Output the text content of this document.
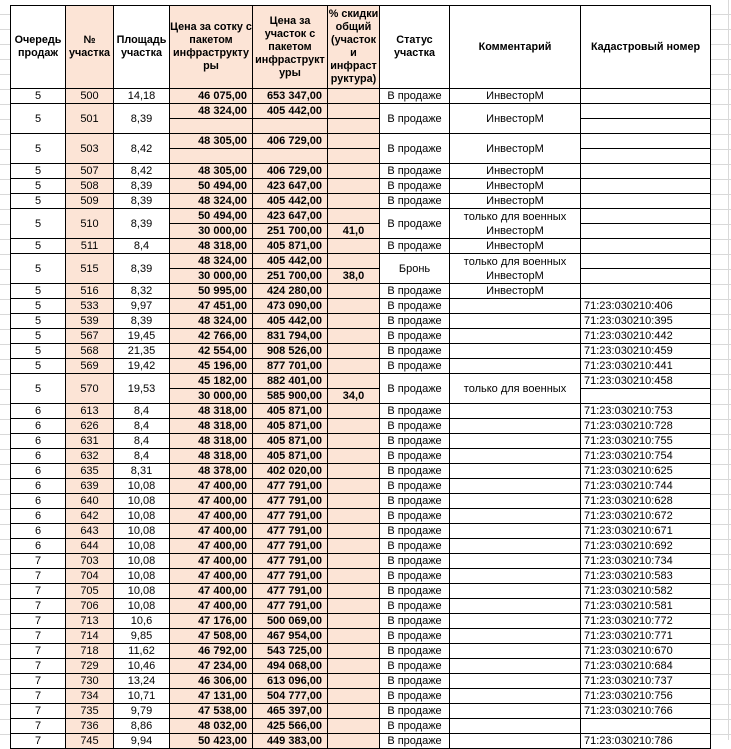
Очередь продаж	№ участка	Площадь участка	Цена за сотку с пакетом инфраструктуры	Цена за участок с пакетом инфраструктуры	% скидки общий (участок и инфраструктура)	Статус участка	Комментарий	Кадастровый номер
5	500	14,18	46 075,00	653 347,00		В продаже	ИнвесторМ	

5	501	8,39	48 324,00	405 442,00		В продаже	ИнвесторМ	

5	503	8,42	48 305,00	406 729,00		В продаже	ИнвесторМ	

5	507	8,42	48 305,00	406 729,00		В продаже	ИнвесторМ	

5	508	8,39	50 494,00	423 647,00		В продаже	ИнвесторМ	

5	509	8,39	48 324,00	405 442,00		В продаже	ИнвесторМ	

5	510	8,39	50 494,00	423 647,00		В продаже	только для военных
ИнвесторМ	

			30 000,00	251 700,00	41,0			
5	511	8,4	48 318,00	405 871,00		В продаже	ИнвесторМ	

5	515	8,39	48 324,00	405 442,00		Бронь	только для военных
ИнвесторМ	

			30 000,00	251 700,00	38,0			
5	516	8,32	50 995,00	424 280,00		В продаже	ИнвесторМ	

5	533	9,97	47 451,00	473 090,00		В продаже		71:23:030210:406
5	539	8,39	48 324,00	405 442,00		В продаже		71:23:030210:395
5	567	19,45	42 766,00	831 794,00		В продаже		71:23:030210:442
5	568	21,35	42 554,00	908 526,00		В продаже		71:23:030210:459
5	569	19,42	45 196,00	877 701,00		В продаже		71:23:030210:441
5	570	19,53	45 182,00	882 401,00		В продаже	только для военных	71:23:030210:458
			30 000,00	585 900,00	34,0			
6	613	8,4	48 318,00	405 871,00		В продаже		71:23:030210:753
6	626	8,4	48 318,00	405 871,00		В продаже		71:23:030210:728
6	631	8,4	48 318,00	405 871,00		В продаже		71:23:030210:755
6	632	8,4	48 318,00	405 871,00		В продаже		71:23:030210:754
6	635	8,31	48 378,00	402 020,00		В продаже		71:23:030210:625
6	639	10,08	47 400,00	477 791,00		В продаже		71:23:030210:744
6	640	10,08	47 400,00	477 791,00		В продаже		71:23:030210:628
6	642	10,08	47 400,00	477 791,00		В продаже		71:23:030210:672
6	643	10,08	47 400,00	477 791,00		В продаже		71:23:030210:671
6	644	10,08	47 400,00	477 791,00		В продаже		71:23:030210:692
7	703	10,08	47 400,00	477 791,00		В продаже		71:23:030210:734
7	704	10,08	47 400,00	477 791,00		В продаже		71:23:030210:583
7	705	10,08	47 400,00	477 791,00		В продаже		71:23:030210:582
7	706	10,08	47 400,00	477 791,00		В продаже		71:23:030210:581
7	713	10,6	47 176,00	500 069,00		В продаже		71:23:030210:772
7	714	9,85	47 508,00	467 954,00		В продаже		71:23:030210:771
7	718	11,62	46 792,00	543 725,00		В продаже		71:23:030210:670
7	729	10,46	47 234,00	494 068,00		В продаже		71:23:030210:684
7	730	13,24	46 306,00	613 096,00		В продаже		71:23:030210:737
7	734	10,71	47 131,00	504 777,00		В продаже		71:23:030210:756
7	735	9,79	47 538,00	465 397,00		В продаже		71:23:030210:766
7	736	8,86	48 032,00	425 566,00		В продаже		
7	745	9,94	50 423,00	449 383,00		В продаже		71:23:030210:786
